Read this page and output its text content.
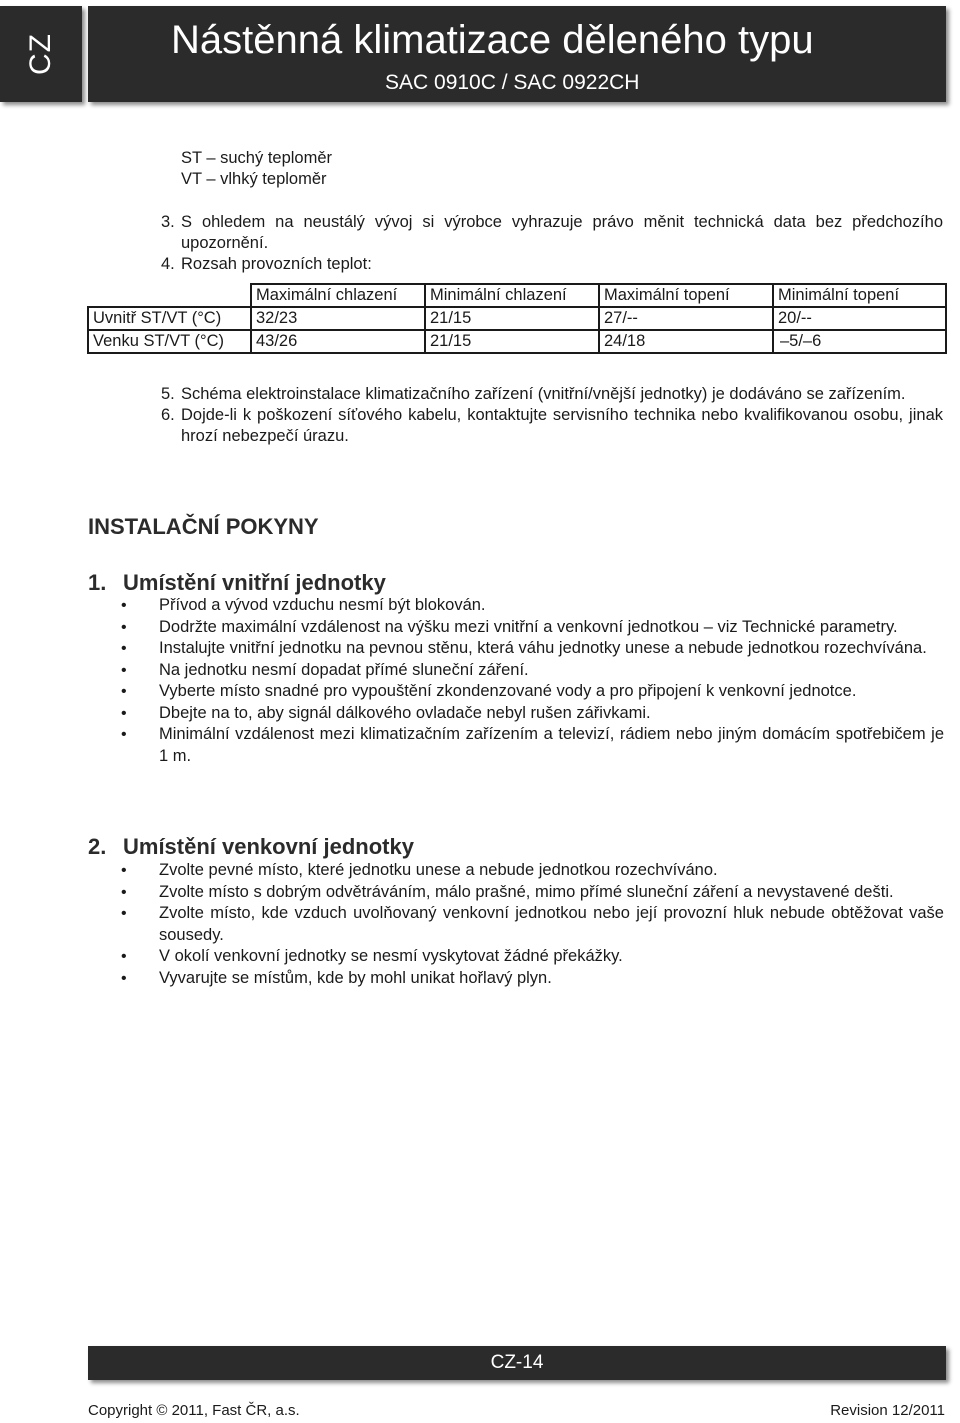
CZ	Nástěnná klimatizace děleného typu
SAC 0910C / SAC 0922CH
ST – suchý teploměr
VT – vlhký teploměr
3. S ohledem na neustálý vývoj si výrobce vyhrazuje právo měnit technická data bez předchozího upozornění.
4. Rozsah provozních teplot:
	Maximální chlazení	Minimální chlazení	Maximální topení	Minimální topení
Uvnitř ST/VT (°C)	32/23	21/15	27/--	20/--
Venku ST/VT (°C)	43/26	21/15	24/18	–5/–6
5. Schéma elektroinstalace klimatizačního zařízení (vnitřní/vnější jednotky) je dodáváno se zařízením.
6. Dojde-li k poškození síťového kabelu, kontaktujte servisního technika nebo kvalifikovanou osobu, jinak hrozí nebezpečí úrazu.
INSTALAČNÍ POKYNY
1. Umístění vnitřní jednotky
• Přívod a vývod vzduchu nesmí být blokován.
• Dodržte maximální vzdálenost na výšku mezi vnitřní a venkovní jednotkou – viz Technické parametry.
• Instalujte vnitřní jednotku na pevnou stěnu, která váhu jednotky unese a nebude jednotkou rozechvívána.
• Na jednotku nesmí dopadat přímé sluneční záření.
• Vyberte místo snadné pro vypouštění zkondenzované vody a pro připojení k venkovní jednotce.
• Dbejte na to, aby signál dálkového ovladače nebyl rušen zářivkami.
• Minimální vzdálenost mezi klimatizačním zařízením a televizí, rádiem nebo jiným domácím spotřebičem je 1 m.
2. Umístění venkovní jednotky
• Zvolte pevné místo, které jednotku unese a nebude jednotkou rozechvíváno.
• Zvolte místo s dobrým odvětráváním, málo prašné, mimo přímé sluneční záření a nevystavené dešti.
• Zvolte místo, kde vzduch uvolňovaný venkovní jednotkou nebo její provozní hluk nebude obtěžovat vaše sousedy.
• V okolí venkovní jednotky se nesmí vyskytovat žádné překážky.
• Vyvarujte se místům, kde by mohl unikat hořlavý plyn.
CZ-14
Copyright © 2011, Fast ČR, a.s.	Revision 12/2011
